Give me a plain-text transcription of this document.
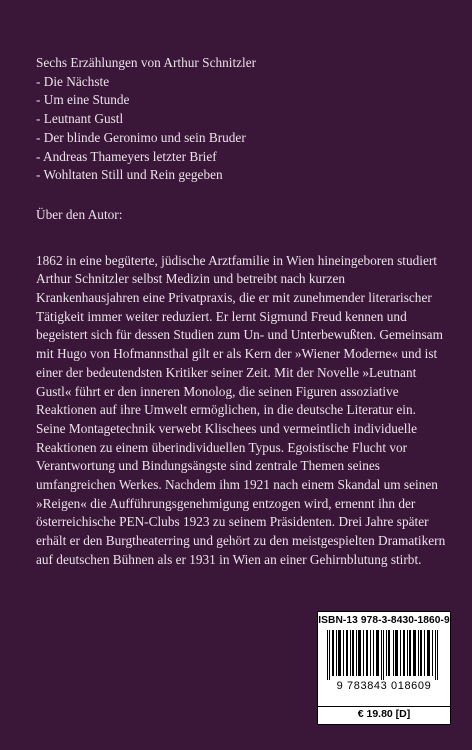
Sechs Erzählungen von Arthur Schnitzler

- Die Nächste
- Um eine Stunde
- Leutnant Gustl
- Der blinde Geronimo und sein Bruder
- Andreas Thameyers letzter Brief
- Wohltaten Still und Rein gegeben

Über den Autor:

1862 in eine begüterte, jüdische Arztfamilie in Wien hineingeboren studiert Arthur Schnitzler selbst Medizin und betreibt nach kurzen Krankenhausjahren eine Privatpraxis, die er mit zunehmender literarischer Tätigkeit immer weiter reduziert. Er lernt Sigmund Freud kennen und begeistert sich für dessen Studien zum Un- und Unterbewußten. Gemeinsam mit Hugo von Hofmannsthal gilt er als Kern der »Wiener Moderne« und ist einer der bedeutendsten Kritiker seiner Zeit. Mit der Novelle »Leutnant Gustl« führt er den inneren Monolog, die seinen Figuren assoziative Reaktionen auf ihre Umwelt ermöglichen, in die deutsche Literatur ein. Seine Montagetechnik verwebt Klischees und vermeintlich individuelle Reaktionen zu einem überindividuellen Typus. Egoistische Flucht vor Verantwortung und Bindungsängste sind zentrale Themen seines umfangreichen Werkes. Nachdem ihm 1921 nach einem Skandal um seinen »Reigen« die Aufführungsgenehmigung entzogen wird, ernennt ihn der österreichische PEN-Clubs 1923 zu seinem Präsidenten. Drei Jahre später erhält er den Burgtheaterring und gehört zu den meistgespielten Dramatikern auf deutschen Bühnen als er 1931 in Wien an einer Gehirnblutung stirbt.

ISBN-13 978-3-8430-1860-9
9 783843 018609
€ 19.80 [D]
